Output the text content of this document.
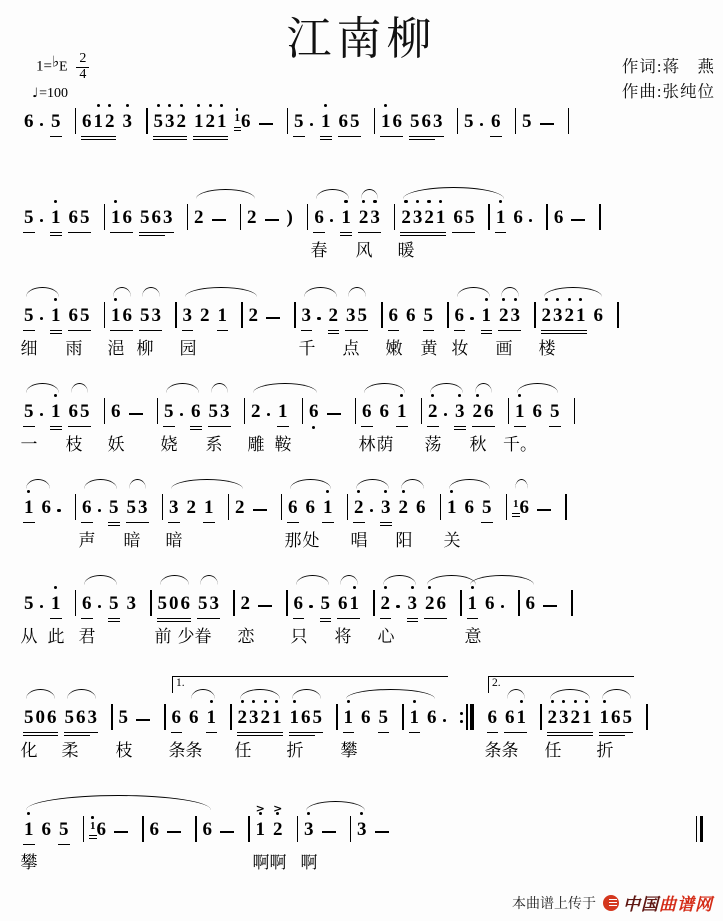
江南柳
1=♭E $\frac{2}{4}$
♩=100
作词:蒋　燕
作曲:张纯位
6 5 6 1 2 3 5 3 2 1 2 1 1 6 5 1 6 5 1 6 5 6 3 5 6 5
5 1 6 5 1 6 5 6 3 2 2 ) 6 1 2 3 2 3 2 1 6 5 1 6 6
春 风 暖
5 1 6 5 1 6 5 3 3 2 1 2 3 2 3 5 6 6 5 6 1 2 3 2 3 2 1 6
细 雨 浥 柳 园	千 点 嫩 黄 妆 画 楼
5 1 6 5 6 5 6 5 3 2 1 6 6 6 1 2 3 2 6 1 6 5
一 枝 妖 娆 系 雕 鞍	林 荫 荡 秋 千。
1 6 6 5 5 3 3 2 1 2 6 6 1 2 3 2 6 1 6 5 1 6
声 暗 暗	那 处 唱 阳 关
5 1 6 5 3 5 0 6 5 3 2 6 5 6 1 2 3 2 6 1 6 6
从 此 君	前 少 眷 恋 只 将 心	意
5 0 6 5 6 3 5 6 6 1 2 3 2 1 1 6 5 1 6 5 1 6	6 6 1 2 3 2 1 1 6 5
1.	2.
化 柔 枝 条 条 任 折 攀	条 条 任 折
1 6 5 1 6 6 6 1
>
2
>
3 3
攀	啊 啊 啊
本曲谱上传于 中国 曲谱网
